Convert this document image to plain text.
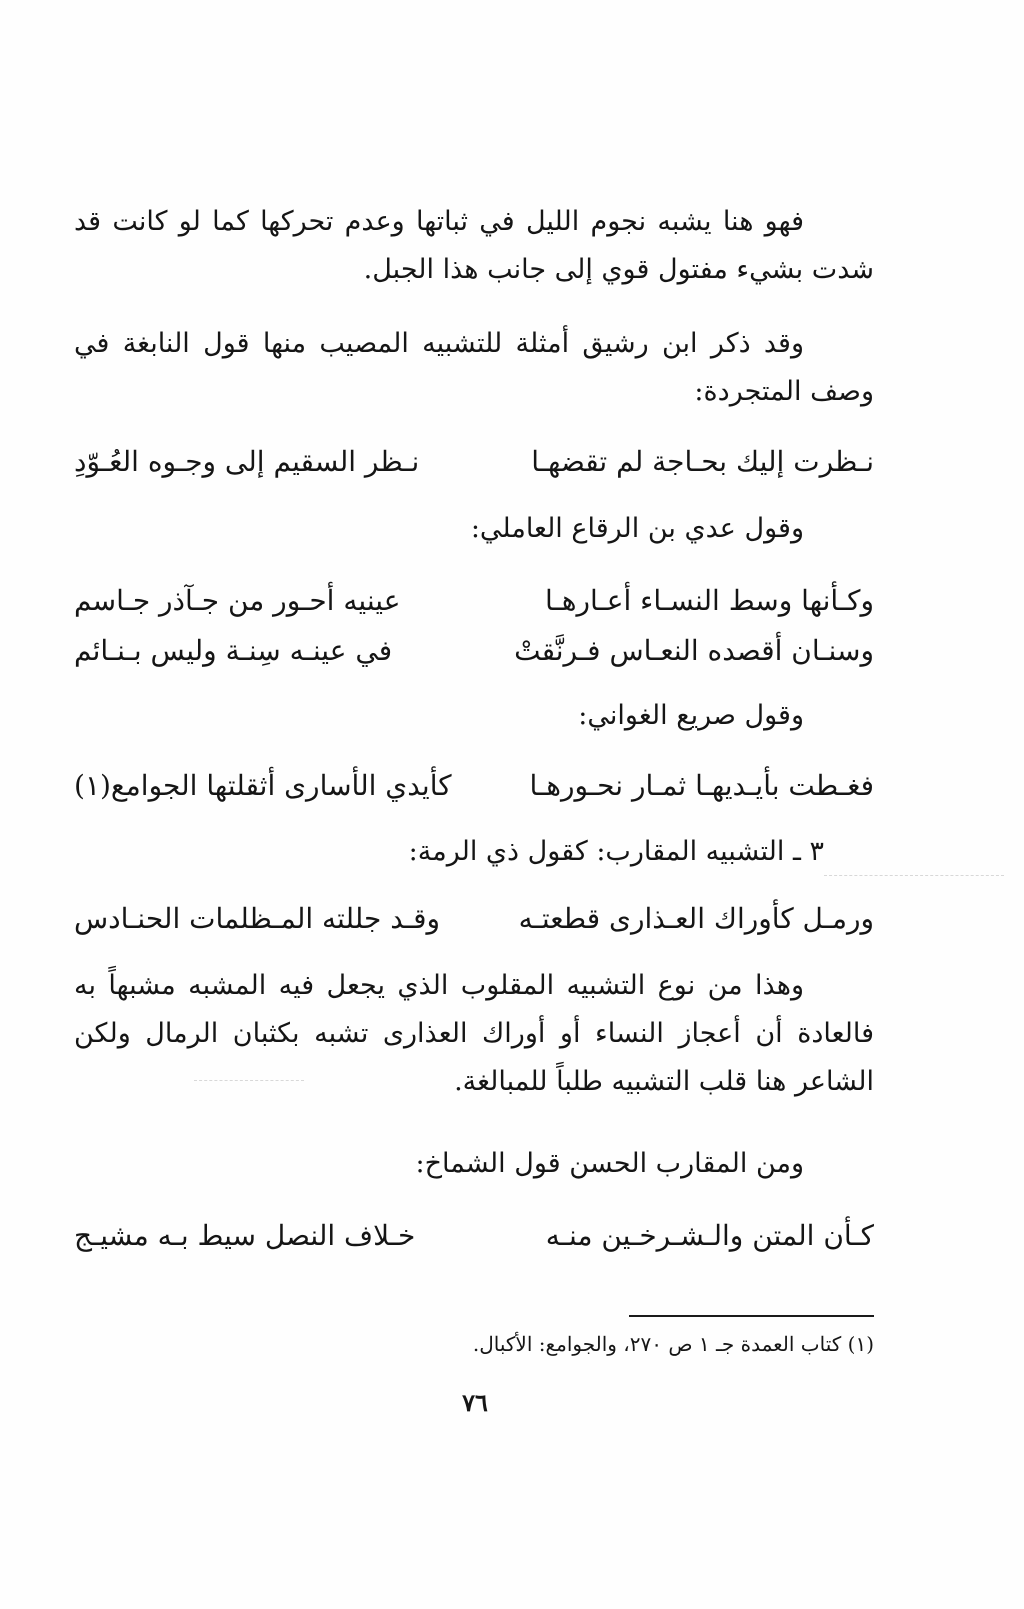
فهو هنا يشبه نجوم الليل في ثباتها وعدم تحركها كما لو كانت قد شدت بشيء مفتول قوي إلى جانب هذا الجبل.

وقد ذكر ابن رشيق أمثلة للتشبيه المصيب منها قول النابغة في وصف المتجردة:

نـظرت إليك بحـاجة لم تقضهـا
نـظر السقيم إلى وجـوه العُـوّدِ
وقول عدي بن الرقاع العاملي:
وكـأنها وسط النسـاء أعـارهـا
عينيه أحـور من جـآذر جـاسم
وسنـان أقصده النعـاس فـرنَّقتْ
في عينـه سِنـة وليس بـنـائم
وقول صريع الغواني:
فغـطت بأيـديهـا ثمـار نحـورهـا
كأيدي الأسارى أثقلتها الجوامع(١)
٣ ـ التشبيه المقارب: كقول ذي الرمة:
ورمـل كأوراك العـذارى قطعتـه
وقـد جللته المـظلمات الحنـادس

وهذا من نوع التشبيه المقلوب الذي يجعل فيه المشبه مشبهاً به فالعادة أن أعجاز النساء أو أوراك العذارى تشبه بكثبان الرمال ولكن الشاعر هنا قلب التشبيه طلباً للمبالغة.

ومن المقارب الحسن قول الشماخ:
كـأن المتن والـشـرخـين منـه
خـلاف النصل سيط بـه مشيـج
(١) كتاب العمدة جـ ١ ص ٢٧٠، والجوامع: الأكبال.
٧٦
